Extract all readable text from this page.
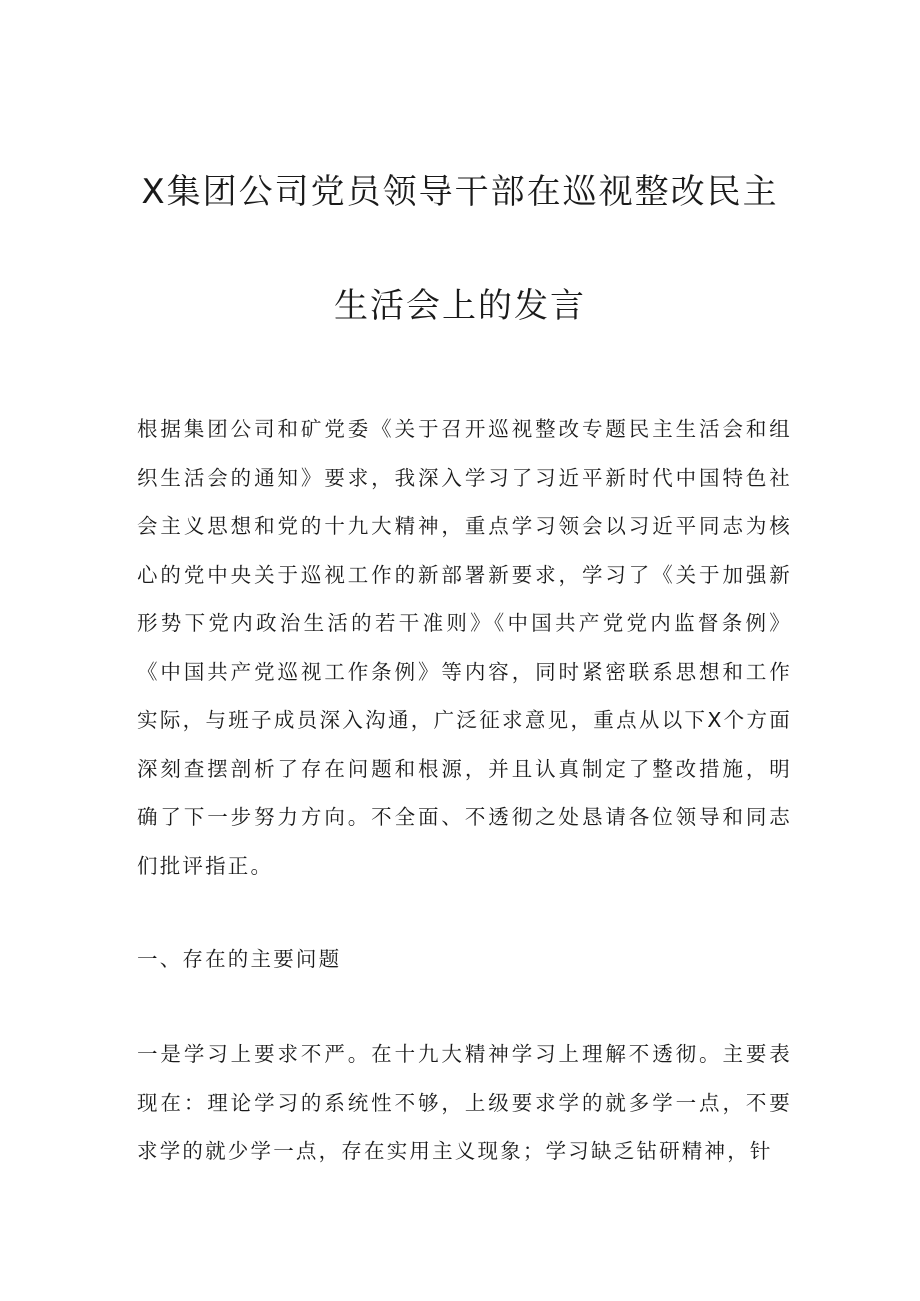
X集团公司党员领导干部在巡视整改民主
生活会上的发言

根据集团公司和矿党委《关于召开巡视整改专题民主生活会和组织生活会的通知》要求，我深入学习了习近平新时代中国特色社会主义思想和党的十九大精神，重点学习领会以习近平同志为核心的党中央关于巡视工作的新部署新要求，学习了《关于加强新形势下党内政治生活的若干准则》《中国共产党党内监督条例》《中国共产党巡视工作条例》等内容，同时紧密联系思想和工作实际，与班子成员深入沟通，广泛征求意见，重点从以下X个方面深刻查摆剖析了存在问题和根源，并且认真制定了整改措施，明确了下一步努力方向。不全面、不透彻之处恳请各位领导和同志们批评指正。

一、存在的主要问题

一是学习上要求不严。在十九大精神学习上理解不透彻。主要表现在：理论学习的系统性不够，上级要求学的就多学一点，不要求学的就少学一点，存在实用主义现象；学习缺乏钻研精神，针
